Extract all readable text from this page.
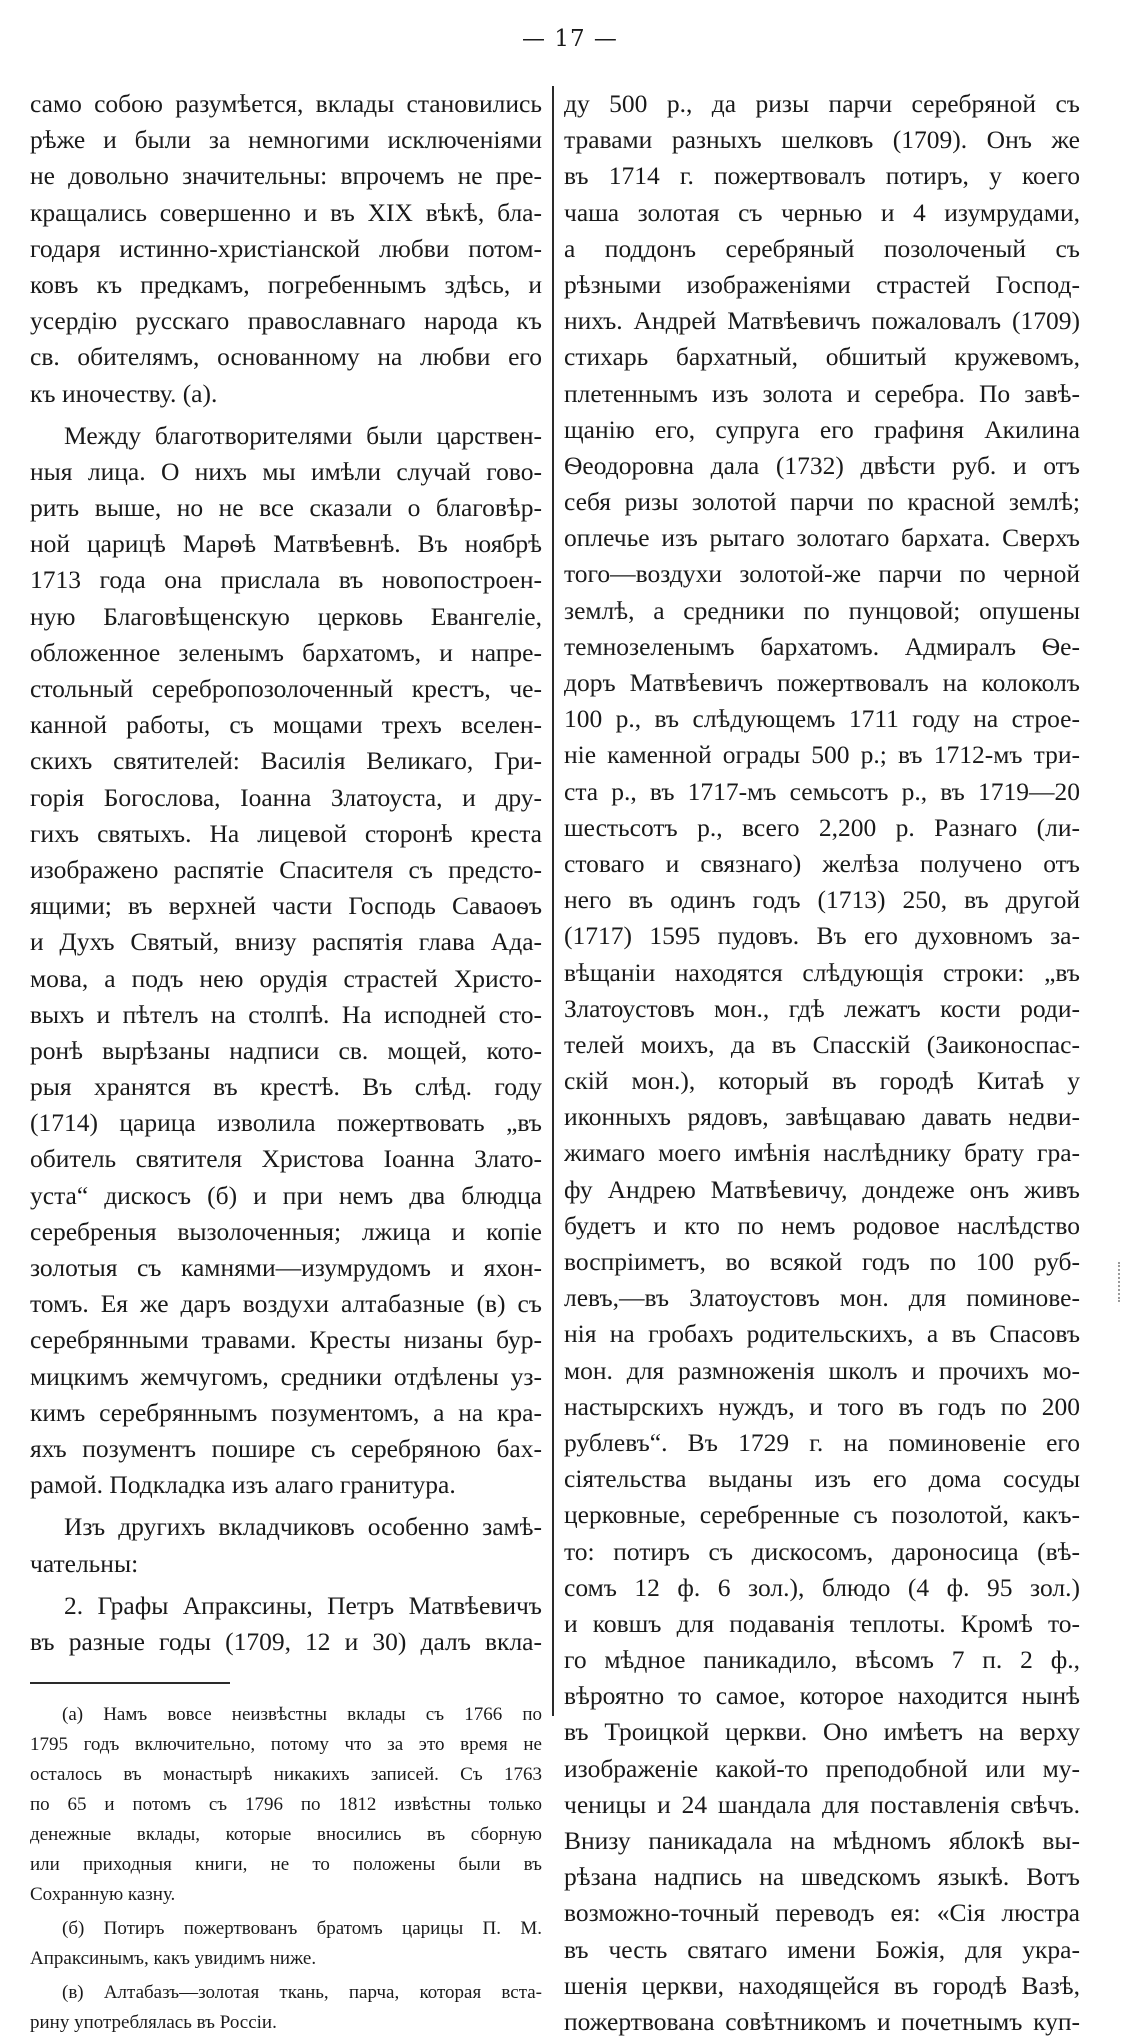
— 17 —
само собою разумѣется, вклады становились
рѣже и были за немногими исключеніями
не довольно значительны: впрочемъ не пре-
кращались совершенно и въ XIX вѣкѣ, бла-
годаря истинно-христіанской любви потом-
ковъ къ предкамъ, погребеннымъ здѣсь, и
усердію русскаго православнаго народа къ
св. обителямъ, основанному на любви его
къ иночеству. (а).
Между благотворителями были царствен-
ныя лица. О нихъ мы имѣли случай гово-
рить выше, но не все сказали о благовѣр-
ной царицѣ Марѳѣ Матвѣевнѣ. Въ ноябрѣ
1713 года она прислала въ новопостроен-
ную Благовѣщенскую церковь Евангеліе,
обложенное зеленымъ бархатомъ, и напре-
стольный серебропозолоченный крестъ, че-
канной работы, съ мощами трехъ вселен-
скихъ святителей: Василія Великаго, Гри-
горія Богослова, Іоанна Златоуста, и дру-
гихъ святыхъ. На лицевой сторонѣ креста
изображено распятіе Спасителя съ предсто-
ящими; въ верхней части Господь Саваоѳъ
и Духъ Святый, внизу распятія глава Ада-
мова, а подъ нею орудія страстей Христо-
выхъ и пѣтелъ на столпѣ. На исподней сто-
ронѣ вырѣзаны надписи св. мощей, кото-
рыя хранятся въ крестѣ. Въ слѣд. году
(1714) царица изволила пожертвовать „въ
обитель святителя Христова Іоанна Злато-
уста“ дискосъ (б) и при немъ два блюдца
серебреныя вызолоченныя; лжица и копіе
золотыя съ камнями—изумрудомъ и яхон-
томъ. Ея же даръ воздухи алтабазные (в) съ
серебрянными травами. Кресты низаны бур-
мицкимъ жемчугомъ, средники отдѣлены уз-
кимъ серебряннымъ позументомъ, а на кра-
яхъ позументъ пошире съ серебряною бах-
рамой. Подкладка изъ алагo гранитура.
Изъ другихъ вкладчиковъ особенно замѣ-
чательны:
2. Графы Апраксины, Петръ Матвѣевичъ
въ разные годы (1709, 12 и 30) далъ вкла-
(а) Намъ вовсе неизвѣстны вклады съ 1766 по
1795 годъ включительно, потому что за это время не
осталось въ монастырѣ никакихъ записей. Съ 1763
по 65 и потомъ съ 1796 по 1812 извѣстны только
денежные вклады, которые вносились въ сборную
или приходныя книги, не то положены были въ
Сохранную казну.
(б) Потиръ пожертвованъ братомъ царицы П. М.
Апраксинымъ, какъ увидимъ ниже.
(в) Алтабазъ—золотая ткань, парча, которая вста-
рину употреблялась въ Россіи.
ду 500 р., да ризы парчи серебряной съ
травами разныхъ шелковъ (1709). Онъ же
въ 1714 г. пожертвовалъ потиръ, у коего
чаша золотая съ чернью и 4 изумрудами,
а поддонъ серебряный позолоченый съ
рѣзными изображеніями страстей Господ-
нихъ. Андрей Матвѣевичъ пожаловалъ (1709)
стихарь бархатный, обшитый кружевомъ,
плетеннымъ изъ золота и серебра. По завѣ-
щанію его, супруга его графиня Акилина
Ѳеодоровна дала (1732) двѣсти руб. и отъ
себя ризы золотой парчи по красной землѣ;
оплечье изъ рытаго золотаго бархата. Сверхъ
того—воздухи золотой-же парчи по черной
землѣ, а средники по пунцовой; опушены
темнозеленымъ бархатомъ. Адмиралъ Ѳе-
доръ Матвѣевичъ пожертвовалъ на колоколъ
100 р., въ слѣдующемъ 1711 году на строе-
ніе каменной ограды 500 р.; въ 1712-мъ три-
ста р., въ 1717-мъ семьсотъ р., въ 1719—20
шестьсотъ р., всего 2,200 р. Разнаго (ли-
стоваго и связнаго) желѣза получено отъ
него въ одинъ годъ (1713) 250, въ другой
(1717) 1595 пудовъ. Въ его духовномъ за-
вѣщаніи находятся слѣдующія строки: „въ
Златоустовъ мон., гдѣ лежатъ кости роди-
телей моихъ, да въ Спасскій (Заиконоспас-
скій мон.), который въ городѣ Китаѣ у
иконныхъ рядовъ, завѣщаваю давать недви-
жимаго моего имѣнія наслѣднику брату гра-
фу Андрею Матвѣевичу, дондеже онъ живъ
будетъ и кто по немъ родовое наслѣдство
воспріиметъ, во всякой годъ по 100 руб-
левъ,—въ Златоустовъ мон. для поминове-
нія на гробахъ родительскихъ, а въ Спасовъ
мон. для размноженія школъ и прочихъ мо-
настырскихъ нуждъ, и того въ годъ по 200
рублевъ“. Въ 1729 г. на поминовеніе его
сіятельства выданы изъ его дома сосуды
церковные, серебренные съ позолотой, какъ-
то: потиръ съ дискосомъ, дароносица (вѣ-
сомъ 12 ф. 6 зол.), блюдо (4 ф. 95 зол.)
и ковшъ для подаванія теплоты. Кромѣ то-
го мѣдное паникадило, вѣсомъ 7 п. 2 ф.,
вѣроятно то самое, которое находится нынѣ
въ Троицкой церкви. Оно имѣетъ на верху
изображеніе какой-то преподобной или му-
ченицы и 24 шандала для поставленія свѣчъ.
Внизу паникадала на мѣдномъ яблокѣ вы-
рѣзана надпись на шведскомъ языкѣ. Вотъ
возможно-точный переводъ ея: «Сія люстра
въ честь святаго имени Божія, для укра-
шенія церкви, находящейся въ городѣ Вазѣ,
пожертвована совѣтникомъ и почетнымъ куп-
